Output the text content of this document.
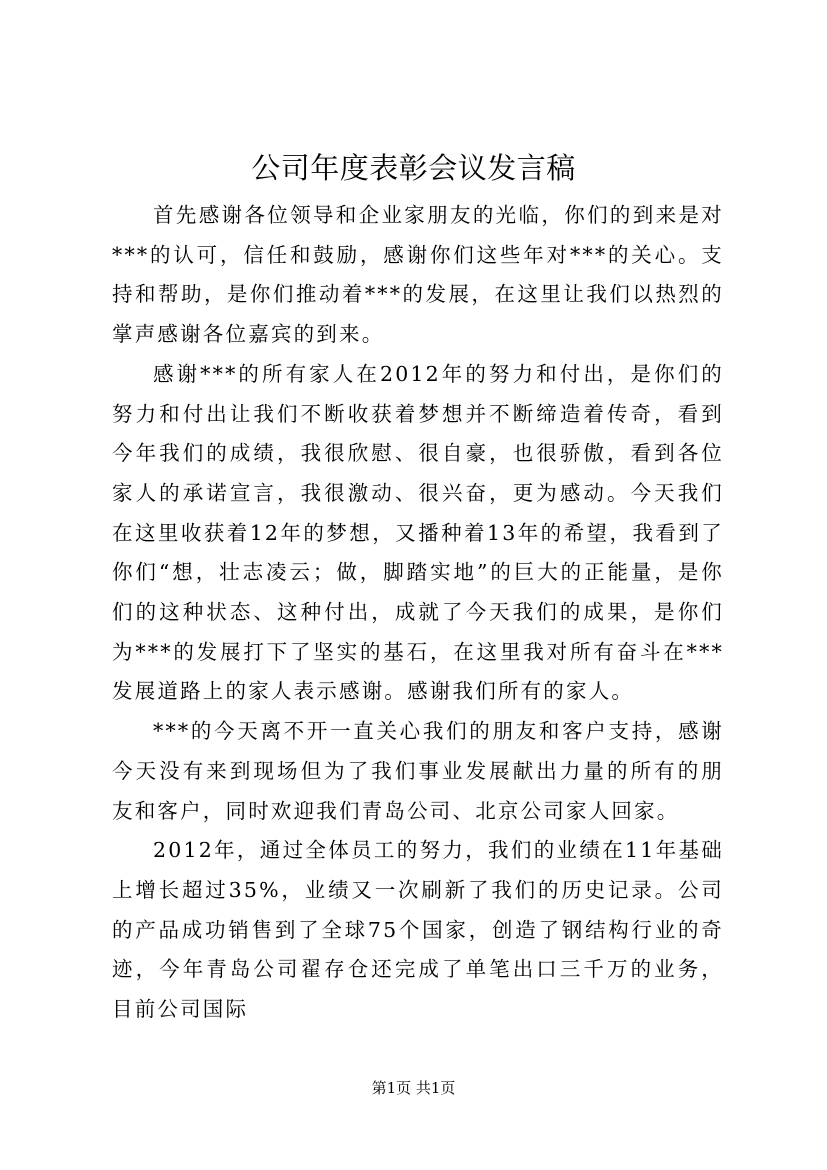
公司年度表彰会议发言稿

首先感谢各位领导和企业家朋友的光临，你们的到来是对***的认可，信任和鼓励，感谢你们这些年对***的关心。支持和帮助，是你们推动着***的发展，在这里让我们以热烈的掌声感谢各位嘉宾的到来。

感谢***的所有家人在2012年的努力和付出，是你们的努力和付出让我们不断收获着梦想并不断缔造着传奇，看到今年我们的成绩，我很欣慰、很自豪，也很骄傲，看到各位家人的承诺宣言，我很激动、很兴奋，更为感动。今天我们在这里收获着12年的梦想，又播种着13年的希望，我看到了你们“想，壮志凌云；做，脚踏实地”的巨大的正能量，是你们的这种状态、这种付出，成就了今天我们的成果，是你们为***的发展打下了坚实的基石，在这里我对所有奋斗在***发展道路上的家人表示感谢。感谢我们所有的家人。

***的今天离不开一直关心我们的朋友和客户支持，感谢今天没有来到现场但为了我们事业发展献出力量的所有的朋友和客户，同时欢迎我们青岛公司、北京公司家人回家。

2012年，通过全体员工的努力，我们的业绩在11年基础上增长超过35%，业绩又一次刷新了我们的历史记录。公司的产品成功销售到了全球75个国家，创造了钢结构行业的奇迹，今年青岛公司翟存仓还完成了单笔出口三千万的业务，目前公司国际

第1页 共1页
